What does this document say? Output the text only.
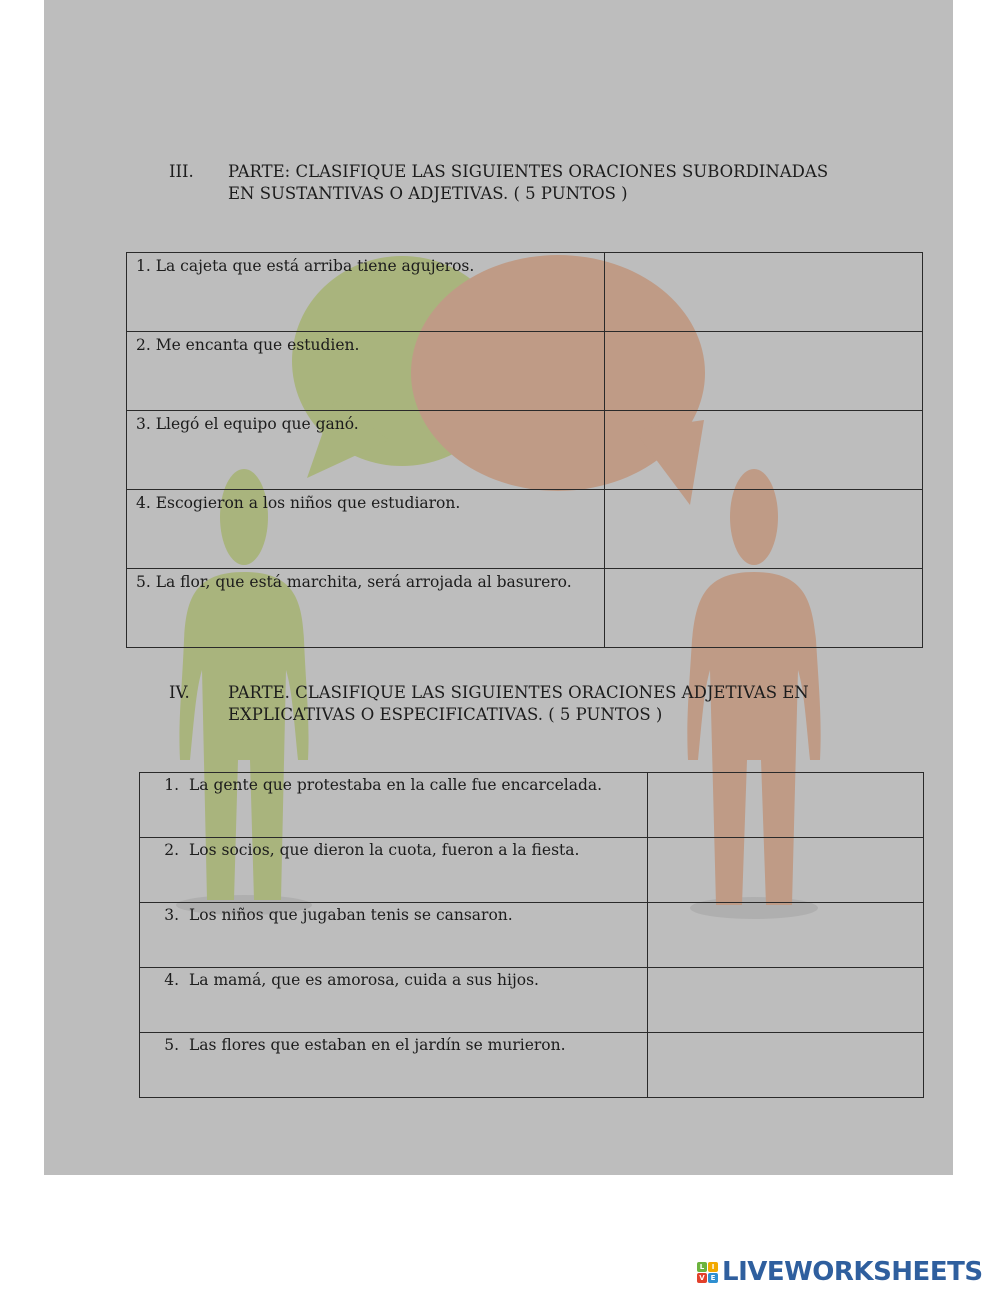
III. PARTE: CLASIFIQUE LAS SIGUIENTES ORACIONES SUBORDINADAS
EN SUSTANTIVAS O ADJETIVAS. ( 5 PUNTOS )
1. La cajeta que está arriba tiene agujeros.	
2. Me encanta que estudien.	
3. Llegó el equipo que ganó.	
4. Escogieron a los niños que estudiaron.	
5. La flor, que está marchita, será arrojada al basurero.	
IV. PARTE. CLASIFIQUE LAS SIGUIENTES ORACIONES ADJETIVAS EN
EXPLICATIVAS O ESPECIFICATIVAS. ( 5 PUNTOS )
1. La gente que protestaba en la calle fue encarcelada.	
2. Los socios, que dieron la cuota, fueron a la fiesta.	
3. Los niños que jugaban tenis se cansaron.	
4. La mamá, que es amorosa, cuida a sus hijos.	
5. Las flores que estaban en el jardín se murieron.	
L	I
V E LIVEWORKSHEETS
